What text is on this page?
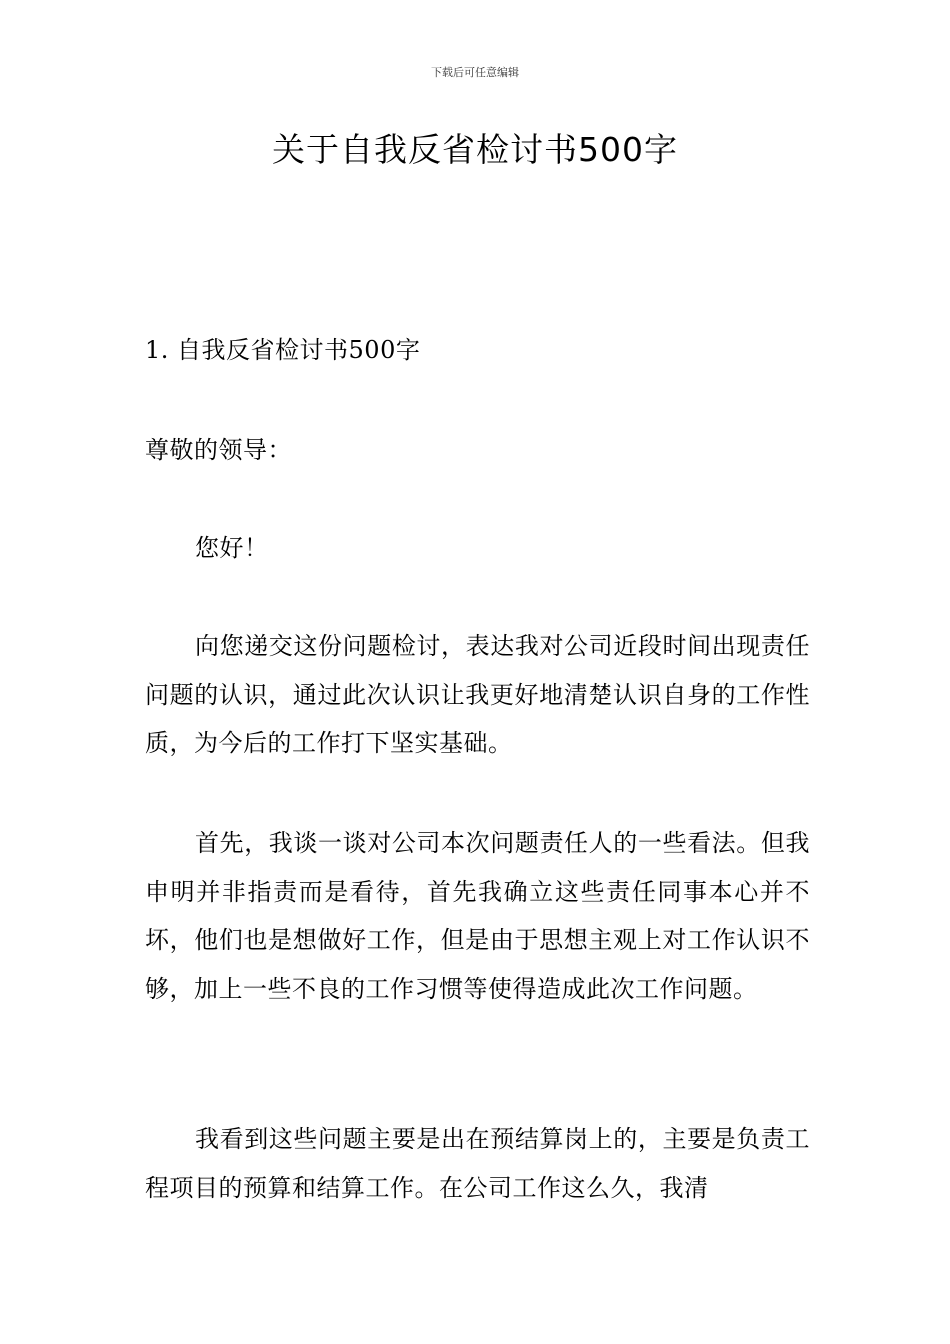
下载后可任意编辑
关于自我反省检讨书500字

1. 自我反省检讨书500字

尊敬的领导：

您好！

向您递交这份问题检讨，表达我对公司近段时间出现责任问题的认识，通过此次认识让我更好地清楚认识自身的工作性质，为今后的工作打下坚实基础。

首先，我谈一谈对公司本次问题责任人的一些看法。但我申明并非指责而是看待，首先我确立这些责任同事本心并不坏，他们也是想做好工作，但是由于思想主观上对工作认识不够，加上一些不良的工作习惯等使得造成此次工作问题。

我看到这些问题主要是出在预结算岗上的，主要是负责工程项目的预算和结算工作。在公司工作这么久，我清
